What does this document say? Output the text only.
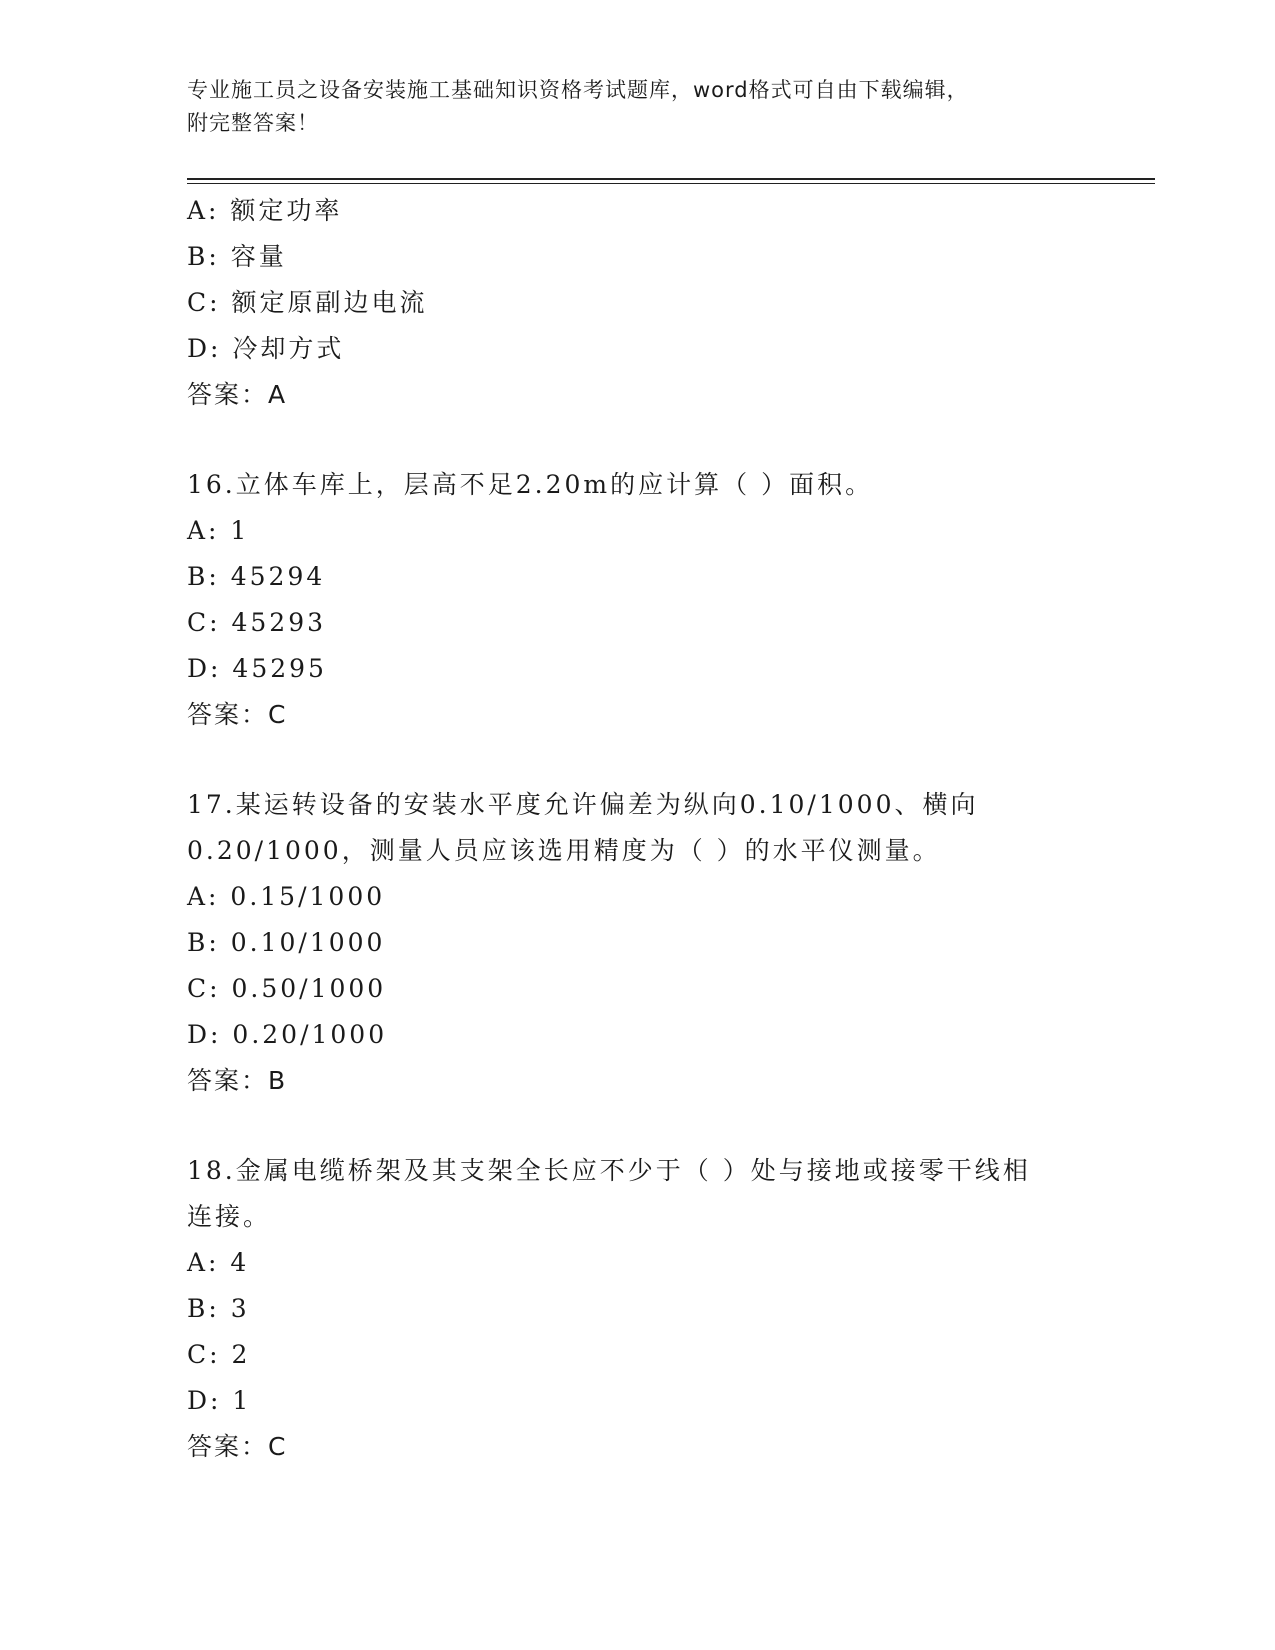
专业施工员之设备安装施工基础知识资格考试题库，word格式可自由下载编辑，
附完整答案！
A: 额定功率
B: 容量
C: 额定原副边电流
D: 冷却方式
答案：A
16.立体车库上，层高不足2.20m的应计算（ ）面积。
A: 1
B: 45294
C: 45293
D: 45295
答案：C
17.某运转设备的安装水平度允许偏差为纵向0.10/1000、横向
0.20/1000，测量人员应该选用精度为（ ）的水平仪测量。
A: 0.15/1000
B: 0.10/1000
C: 0.50/1000
D: 0.20/1000
答案：B
18.金属电缆桥架及其支架全长应不少于（ ）处与接地或接零干线相
连接。
A: 4
B: 3
C: 2
D: 1
答案：C
